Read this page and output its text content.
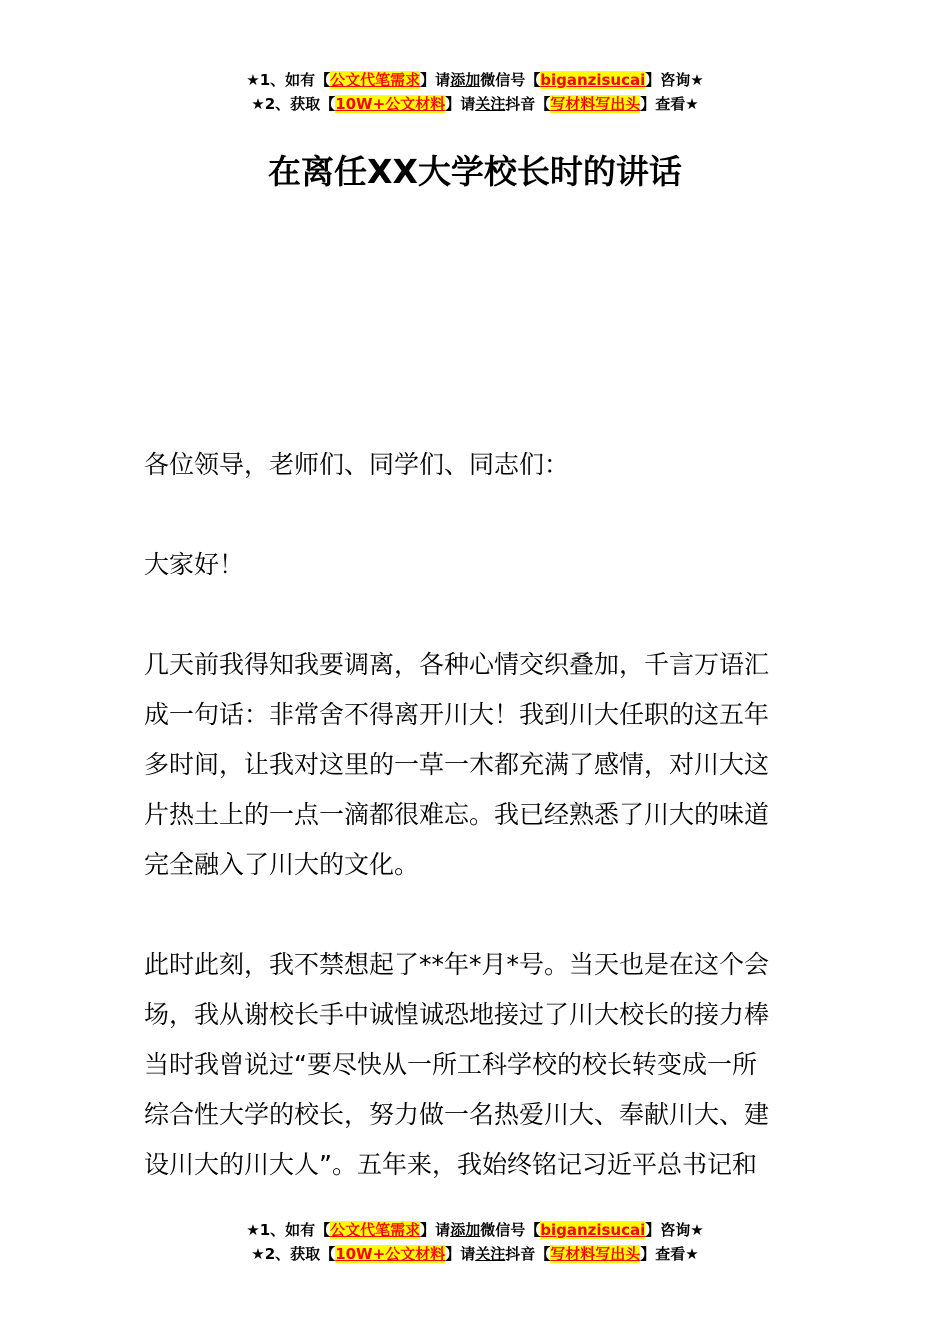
★1、如有【公文代笔需求】请添加微信号【biganzisucai】咨询★
★2、获取【10W+公文材料】请关注抖音【写材料写出头】查看★
在离任XX大学校长时的讲话

各位领导，老师们、同学们、同志们：

大家好！

几天前我得知我要调离，各种心情交织叠加，千言万语汇
成一句话：非常舍不得离开川大！我到川大任职的这五年
多时间，让我对这里的一草一木都充满了感情，对川大这
片热土上的一点一滴都很难忘。我已经熟悉了川大的味道
完全融入了川大的文化。

此时此刻，我不禁想起了**年*月*号。当天也是在这个会
场，我从谢校长手中诚惶诚恐地接过了川大校长的接力棒
当时我曾说过“要尽快从一所工科学校的校长转变成一所
综合性大学的校长，努力做一名热爱川大、奉献川大、建
设川大的川大人”。五年来，我始终铭记习近平总书记和

★1、如有【公文代笔需求】请添加微信号【biganzisucai】咨询★
★2、获取【10W+公文材料】请关注抖音【写材料写出头】查看★
